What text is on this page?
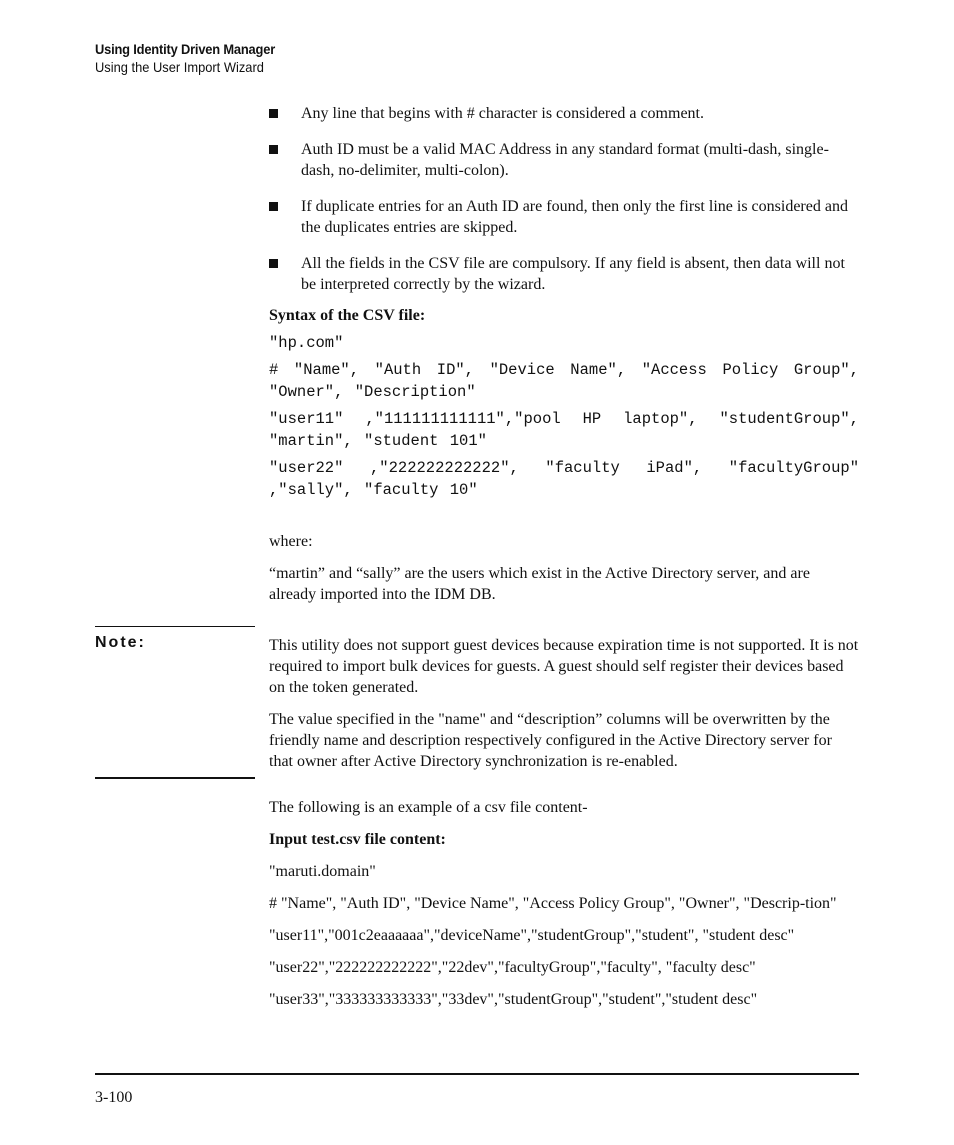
Using Identity Driven Manager
Using the User Import Wizard
Any line that begins with # character is considered a comment.
Auth ID must be a valid MAC Address in any standard format (multi-dash, single-dash, no-delimiter, multi-colon).
If duplicate entries for an Auth ID are found, then only the first line is considered and the duplicates entries are skipped.
All the fields in the CSV file are compulsory. If any field is absent, then data will not be interpreted correctly by the wizard.
Syntax of the CSV file:
"hp.com"
# "Name", "Auth ID", "Device Name", "Access Policy Group", "Owner", "Description"
"user11" ,"111111111111","pool HP laptop", "studentGroup", "martin", "student 101"
"user22" ,"222222222222", "faculty iPad", "facultyGroup" ,"sally", "faculty 10"
where:
“martin” and “sally” are the users which exist in the Active Directory server, and are already imported into the IDM DB.
Note:	This utility does not support guest devices because expiration time is not supported. It is not required to import bulk devices for guests. A guest should self register their devices based on the token generated.
The value specified in the "name" and “description” columns will be overwritten by the friendly name and description respectively configured in the Active Directory server for that owner after Active Directory synchronization is re-enabled.
The following is an example of a csv file content-
Input test.csv file content:
"maruti.domain"
# "Name", "Auth ID", "Device Name", "Access Policy Group", "Owner", "Descrip-tion"
"user11","001c2eaaaaaa","deviceName","studentGroup","student", "student desc"
"user22","222222222222","22dev","facultyGroup","faculty", "faculty desc"
"user33","333333333333","33dev","studentGroup","student","student desc"
3-100
